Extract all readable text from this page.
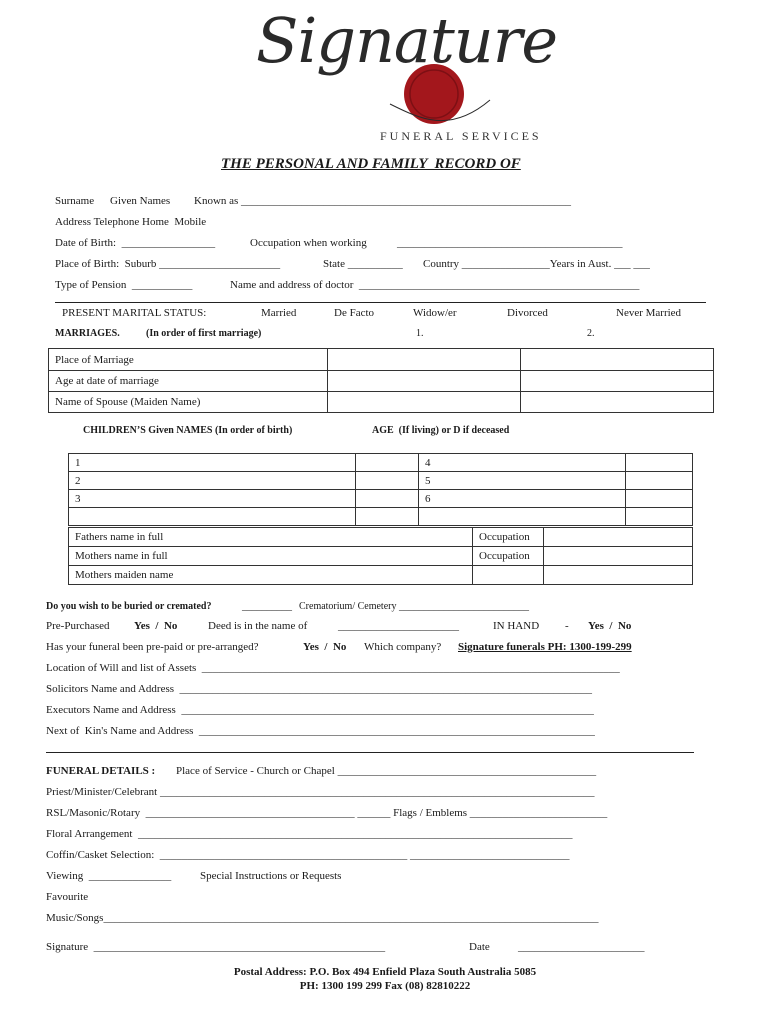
Signature
FUNERAL SERVICES
THE PERSONAL AND FAMILY  RECORD OF
Surname Given Names Known as ____________________________________________________________
Address Telephone Home  Mobile
Date of Birth:  _________________	Occupation when working	_________________________________________
Place of Birth:  Suburb ______________________	State __________ Country ________________Years in Aust. ___ ___
Type of Pension  ___________	Name and address of doctor  ___________________________________________________
PRESENT MARITAL STATUS:	Married	De Facto	Widow/er	Divorced	Never Married
MARRIAGES.	(In order of first marriage)	1.	2.
Place of Marriage		
Age at date of marriage		
Name of Spouse (Maiden Name)		
CHILDREN’S Given NAMES (In order of birth)	AGE  (If living) or D if deceased
1		4	
2		5	
3		6	

Fathers name in full	Occupation	
Mothers name in full	Occupation	
Mothers maiden name		
Do you wish to be buried or cremated?	__________ Crematorium/ Cemetery __________________________
Pre-Purchased Yes  /  No	Deed is in the name of	______________________	IN HAND - Yes  /  No
Has your funeral been pre-paid or pre-arranged?	Yes  /  No Which company? Signature funerals PH: 1300-199-299
Location of Will and list of Assets  ____________________________________________________________________________
Solicitors Name and Address  ___________________________________________________________________________
Executors Name and Address  ___________________________________________________________________________
Next of  Kin's Name and Address  ________________________________________________________________________
FUNERAL DETAILS : Place of Service - Church or Chapel _______________________________________________
Priest/Minister/Celebrant _______________________________________________________________________________
RSL/Masonic/Rotary  ______________________________________ ______ Flags / Emblems _________________________
Floral Arrangement  _______________________________________________________________________________
Coffin/Casket Selection:  _____________________________________________ _____________________________
Viewing  _______________	Special Instructions or Requests
Favourite
Music/Songs__________________________________________________________________________________________
Signature  _____________________________________________________	Date	_______________________
Postal Address: P.O. Box 494 Enfield Plaza South Australia 5085
PH: 1300 199 299 Fax (08) 82810222
